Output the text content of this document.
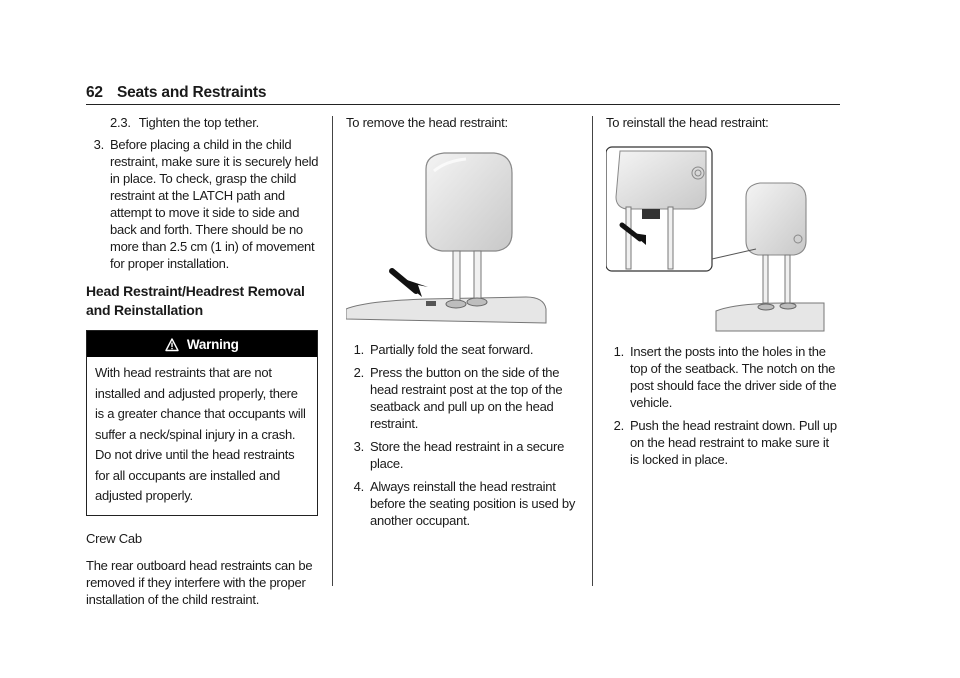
62 Seats and Restraints
2.3. Tighten the top tether.
3. Before placing a child in the child restraint, make sure it is securely held in place. To check, grasp the child restraint at the LATCH path and attempt to move it side to side and back and forth. There should be no more than 2.5 cm (1 in) of movement for proper installation.
Head Restraint/Headrest Removal and Reinstallation
Warning
With head restraints that are not installed and adjusted properly, there is a greater chance that occupants will suffer a neck/spinal injury in a crash. Do not drive until the head restraints for all occupants are installed and adjusted properly.

Crew Cab

The rear outboard head restraints can be removed if they interfere with the proper installation of the child restraint.

To remove the head restraint:

1. Partially fold the seat forward.
2. Press the button on the side of the head restraint post at the top of the seatback and pull up on the head restraint.
3. Store the head restraint in a secure place.
4. Always reinstall the head restraint before the seating position is used by another occupant.

To reinstall the head restraint:

1. Insert the posts into the holes in the top of the seatback. The notch on the post should face the driver side of the vehicle.
2. Push the head restraint down. Pull up on the head restraint to make sure it is locked in place.
